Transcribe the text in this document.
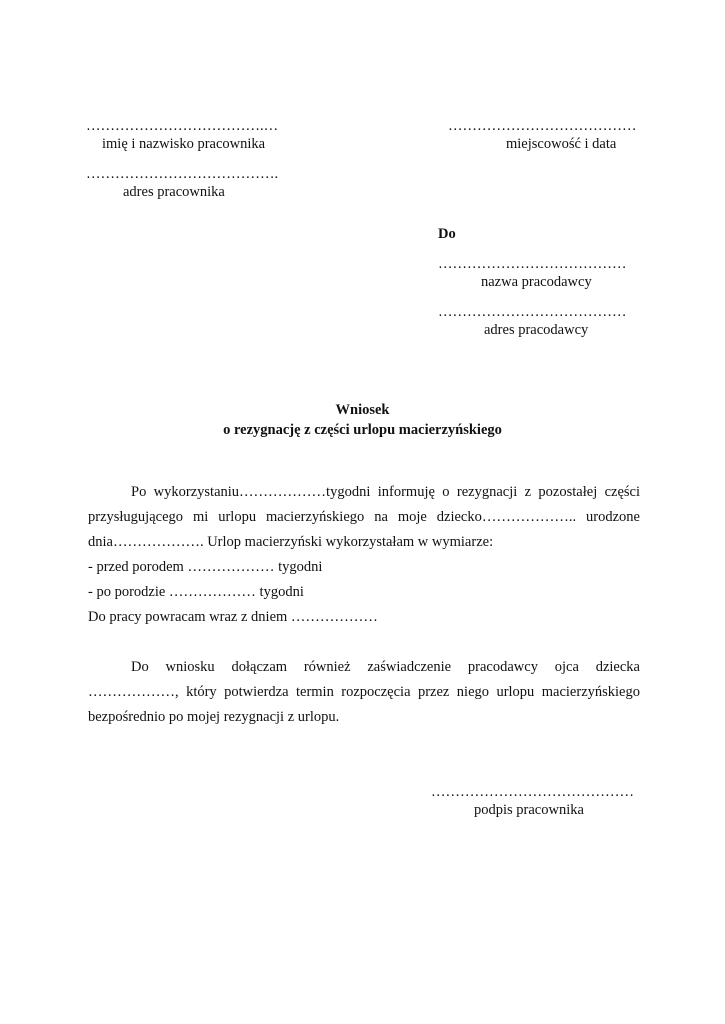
……………………………….…
imię i nazwisko pracownika
………………………………….
adres pracownika
…………………………………
miejscowość i data
Do
…………………………………
nazwa pracodawcy
…………………………………
adres pracodawcy
Wniosek
o rezygnację z części urlopu macierzyńskiego
Po wykorzystaniu………………tygodni informuję o rezygnacji z pozostałej części
przysługującego mi urlopu macierzyńskiego na moje dziecko……………….. urodzone
dnia………………. Urlop macierzyński wykorzystałam w wymiarze:
- przed porodem ……………… tygodni
- po porodzie ……………… tygodni
Do pracy powracam wraz z dniem ………………
Do wniosku dołączam również zaświadczenie pracodawcy ojca dziecka
………………, który potwierdza termin rozpoczęcia przez niego urlopu macierzyńskiego
bezpośrednio po mojej rezygnacji z urlopu.
……………………………………
podpis pracownika
